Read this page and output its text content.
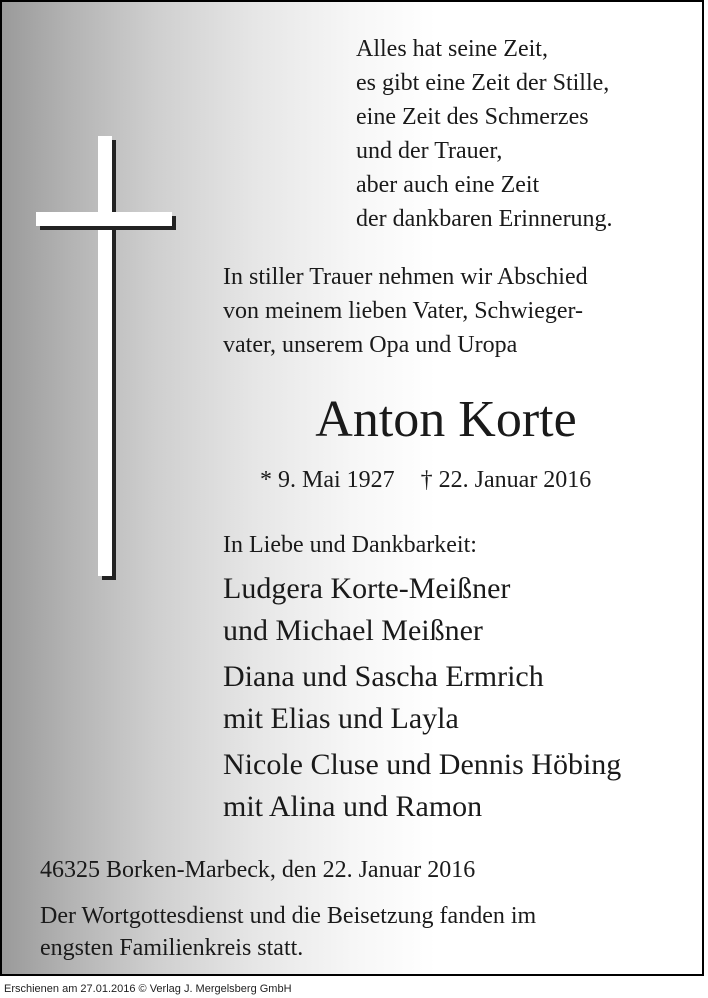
Alles hat seine Zeit,
es gibt eine Zeit der Stille,
eine Zeit des Schmerzes
und der Trauer,
aber auch eine Zeit
der dankbaren Erinnerung.
In stiller Trauer nehmen wir Abschied
von meinem lieben Vater, Schwieger-
vater, unserem Opa und Uropa
Anton Korte
* 9. Mai 1927 † 22. Januar 2016
In Liebe und Dankbarkeit:
Ludgera Korte-Meißner
und Michael Meißner
Diana und Sascha Ermrich
mit Elias und Layla
Nicole Cluse und Dennis Höbing
mit Alina und Ramon
46325 Borken-Marbeck, den 22. Januar 2016
Der Wortgottesdienst und die Beisetzung fanden im
engsten Familienkreis statt.
Erschienen am 27.01.2016 © Verlag J. Mergelsberg GmbH
